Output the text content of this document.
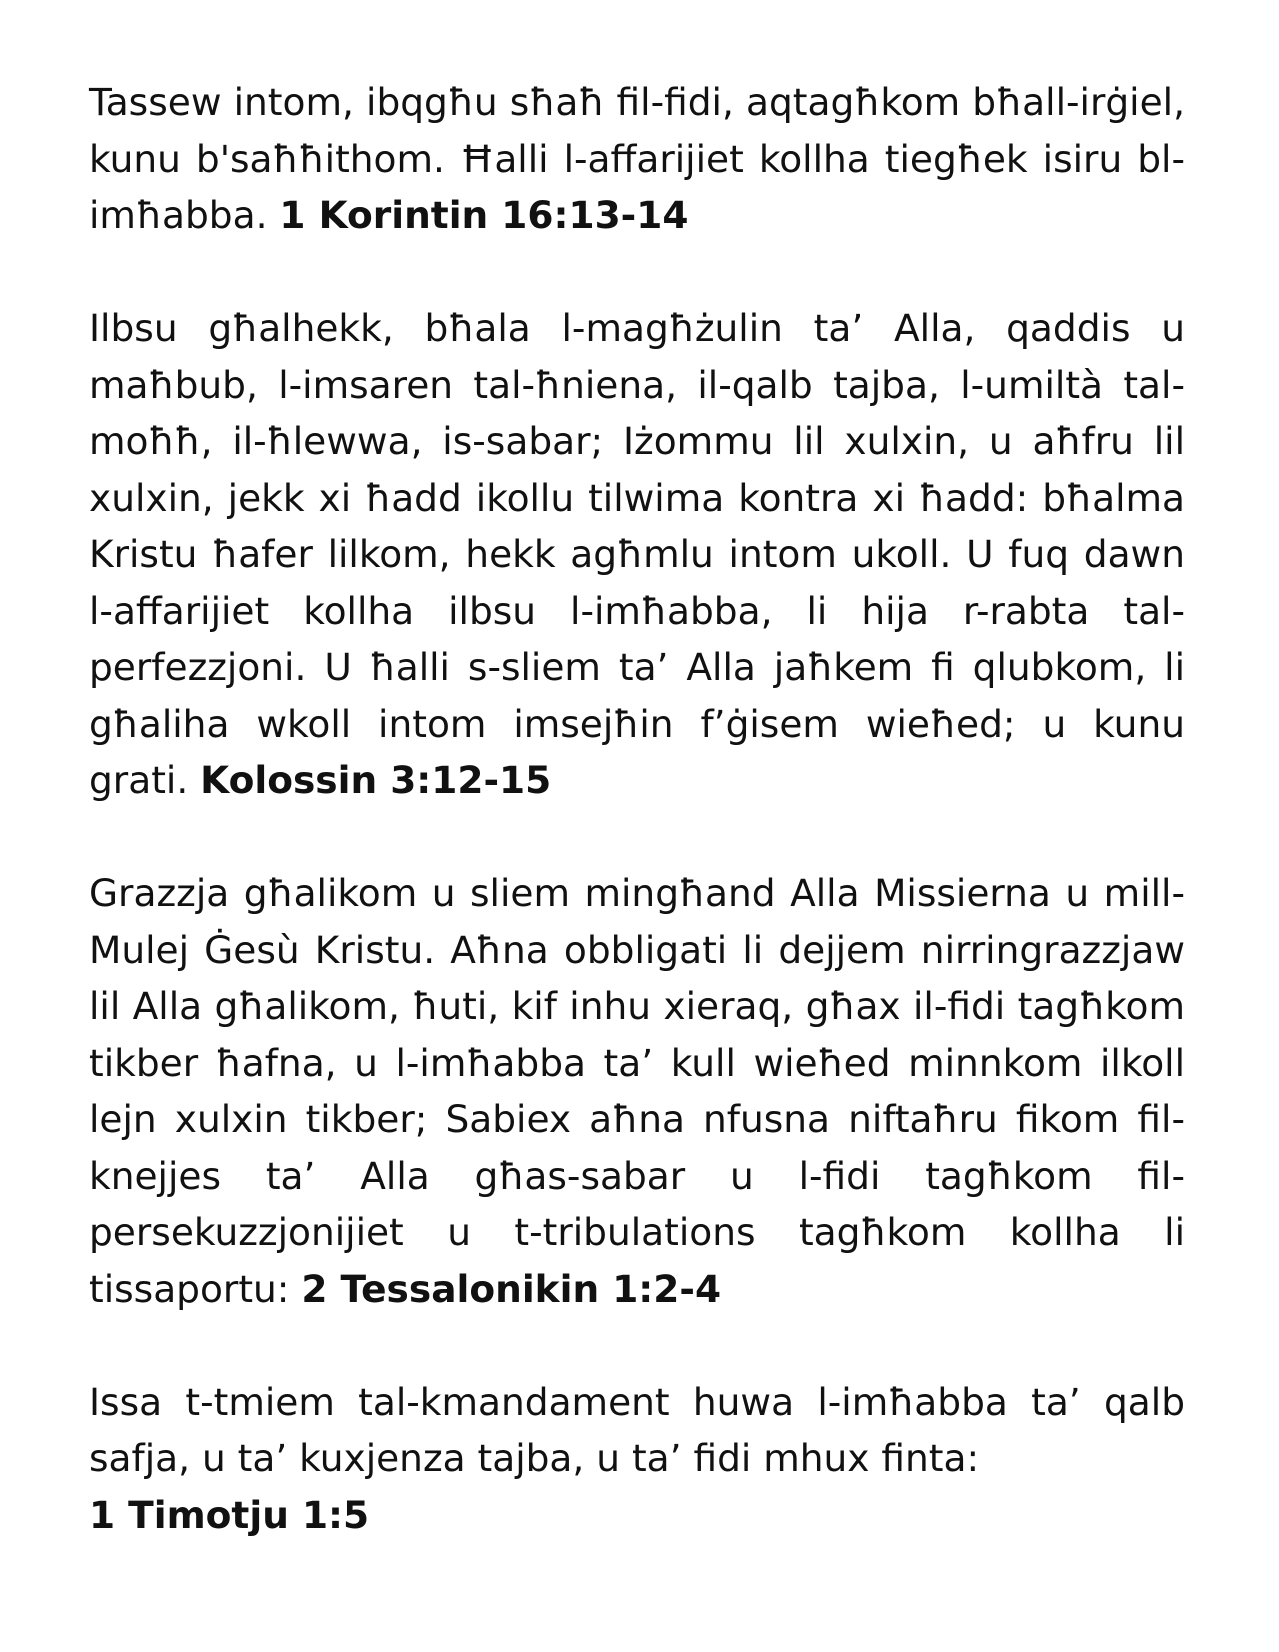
Tassew intom, ibqgħu sħaħ fil-fidi, aqtagħkom bħall-irġiel, kunu b'saħħithom. Ħalli l-affarijiet kollha tiegħek isiru bl-imħabba. 1 Korintin 16:13-14

Ilbsu għalhekk, bħala l-magħżulin ta’ Alla, qaddis u maħbub, l-imsaren tal-ħniena, il-qalb tajba, l-umiltà tal-moħħ, il-ħlewwa, is-sabar; Iżommu lil xulxin, u aħfru lil xulxin, jekk xi ħadd ikollu tilwima kontra xi ħadd: bħalma Kristu ħafer lilkom, hekk agħmlu intom ukoll. U fuq dawn l-affarijiet kollha ilbsu l-imħabba, li hija r-rabta tal-perfezzjoni. U ħalli s-sliem ta’ Alla jaħkem fi qlubkom, li għaliha wkoll intom imsejħin f’ġisem wieħed; u kunu grati. Kolossin 3:12-15

Grazzja għalikom u sliem mingħand Alla Missierna u mill-Mulej Ġesù Kristu. Aħna obbligati li dejjem nirringrazzjaw lil Alla għalikom, ħuti, kif inhu xieraq, għax il-fidi tagħkom tikber ħafna, u l-imħabba ta’ kull wieħed minnkom ilkoll lejn xulxin tikber; Sabiex aħna nfusna niftaħru fikom fil-knejjes ta’ Alla għas-sabar u l-fidi tagħkom fil-persekuzzjonijiet u t-tribulations tagħkom kollha li tissaportu: 2 Tessalonikin 1:2-4

Issa t-tmiem tal-kmandament huwa l-imħabba ta’ qalb safja, u ta’ kuxjenza tajba, u ta’ fidi mhux finta:
1 Timotju 1:5
